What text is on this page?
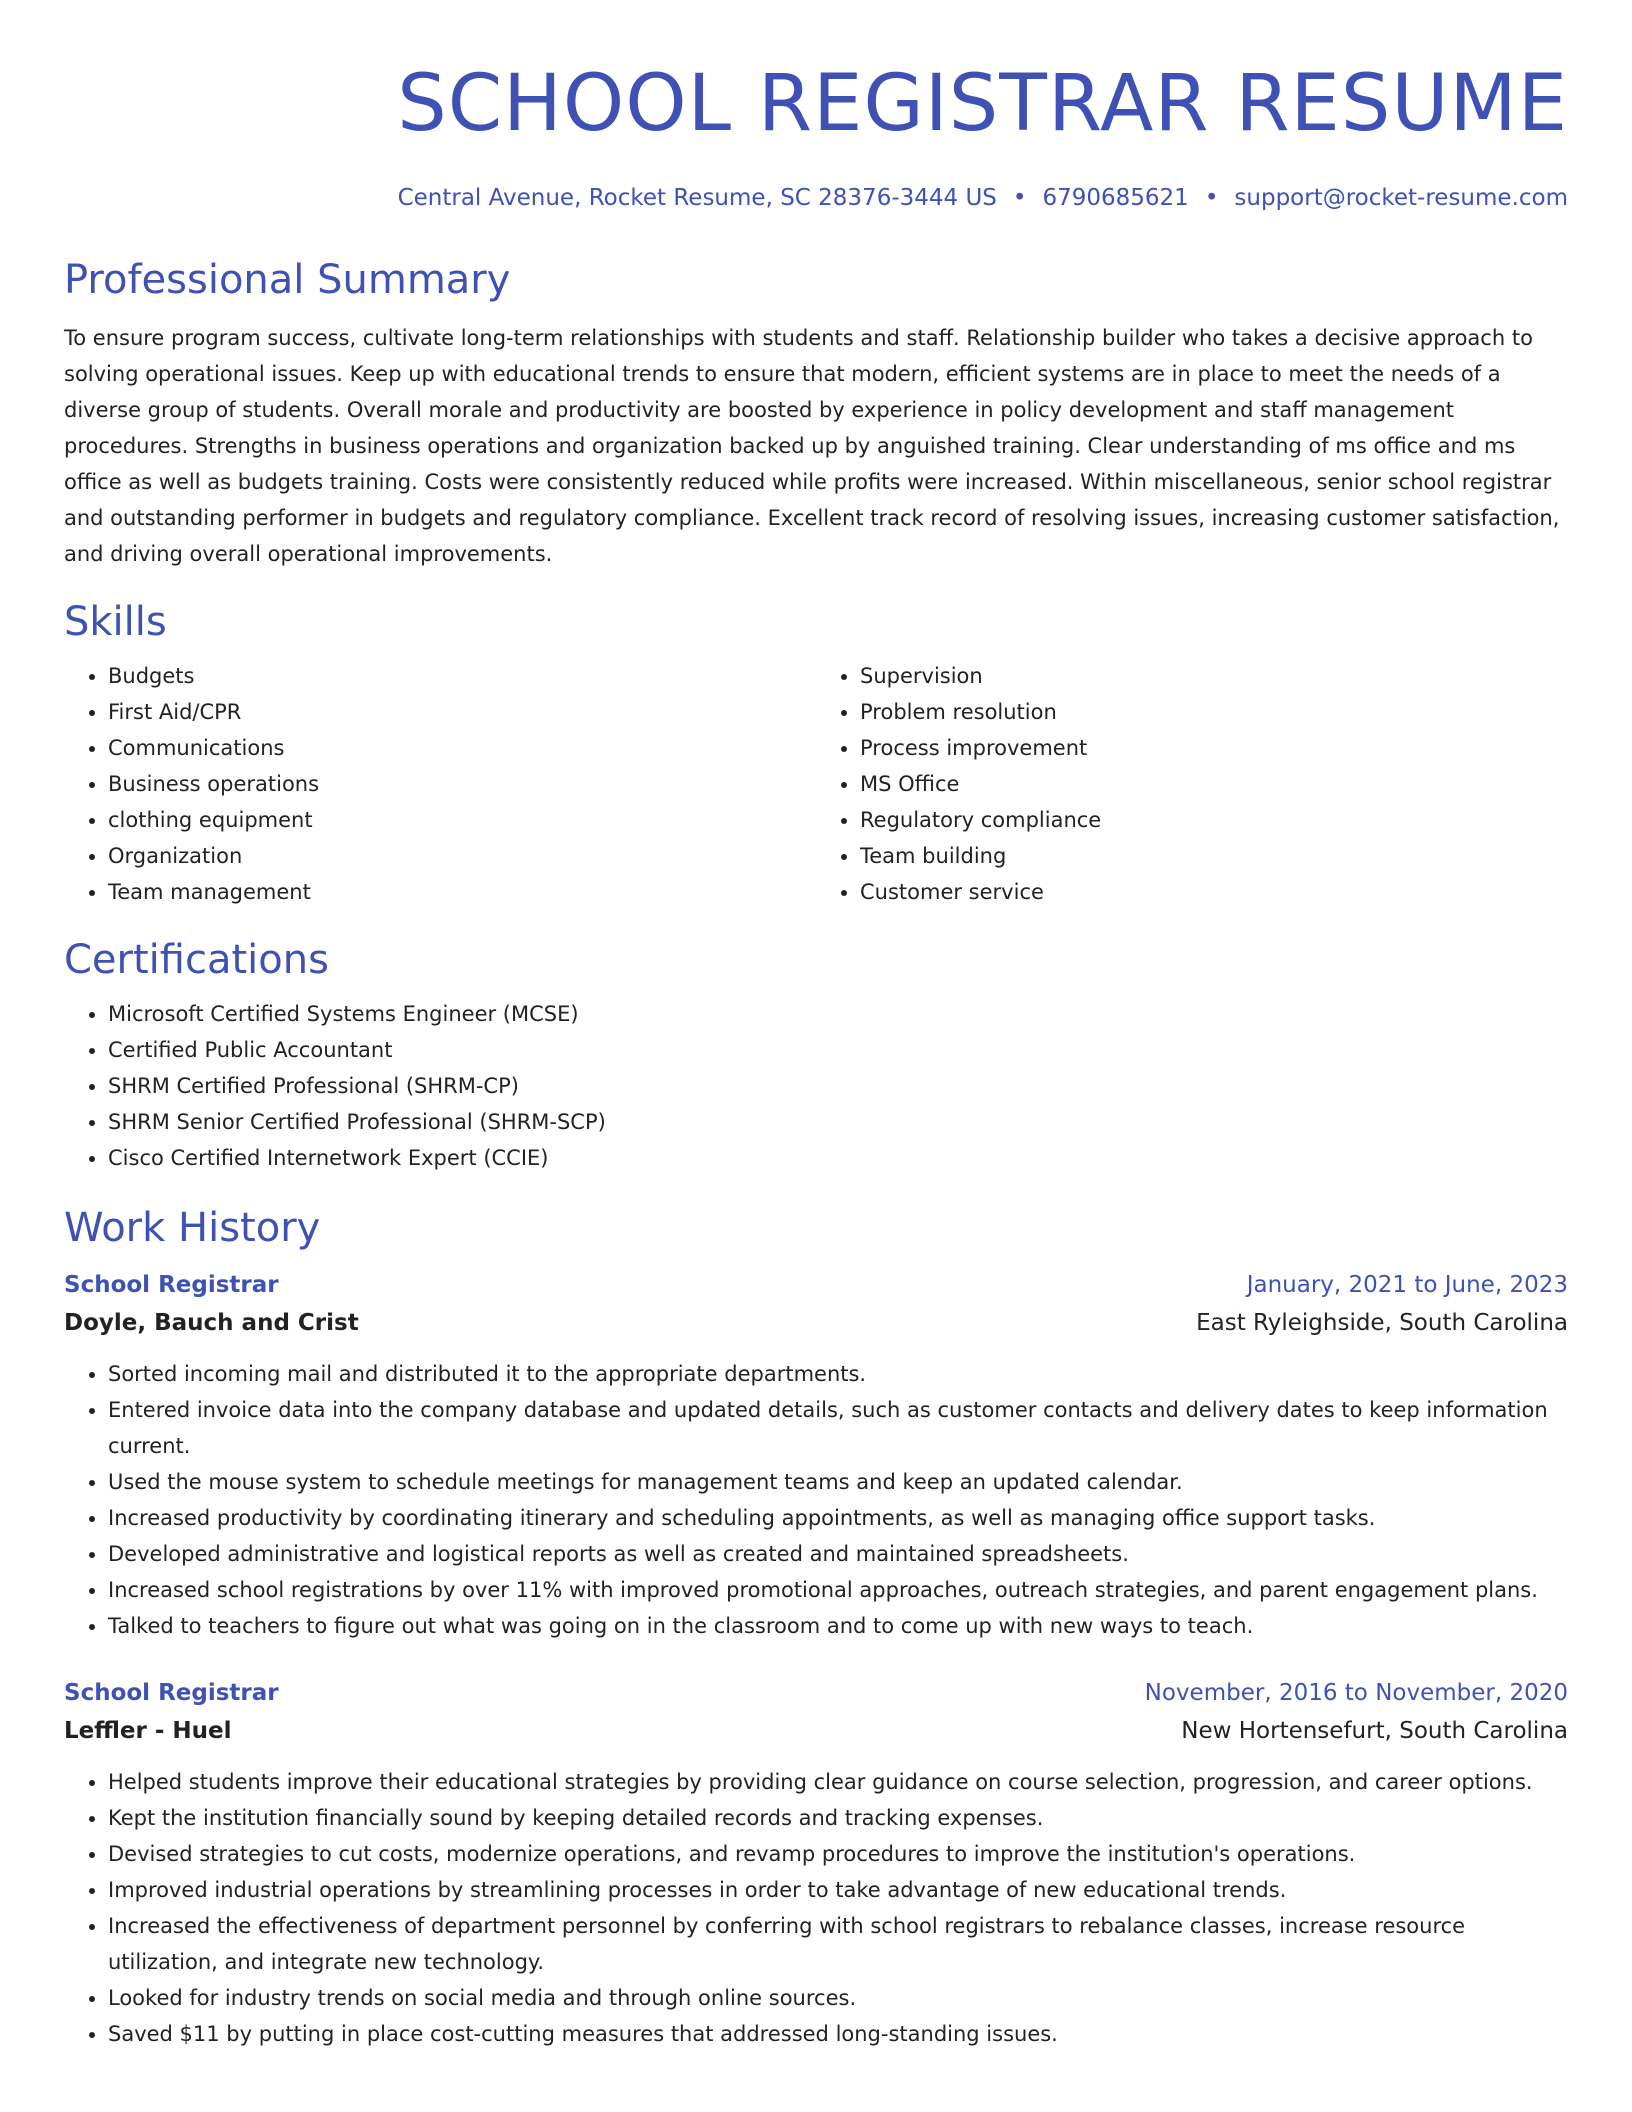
SCHOOL REGISTRAR RESUME
Central Avenue, Rocket Resume, SC 28376-3444 US • 6790685621 • support@rocket-resume.com
Professional Summary
To ensure program success, cultivate long-term relationships with students and staff. Relationship builder who takes a decisive approach to solving operational issues. Keep up with educational trends to ensure that modern, efficient systems are in place to meet the needs of a diverse group of students. Overall morale and productivity are boosted by experience in policy development and staff management procedures. Strengths in business operations and organization backed up by anguished training. Clear understanding of ms office and ms office as well as budgets training. Costs were consistently reduced while profits were increased. Within miscellaneous, senior school registrar and outstanding performer in budgets and regulatory compliance. Excellent track record of resolving issues, increasing customer satisfaction, and driving overall operational improvements.
Skills
• Budgets
• First Aid/CPR
• Communications
• Business operations
• clothing equipment
• Organization
• Team management
• Supervision
• Problem resolution
• Process improvement
• MS Office
• Regulatory compliance
• Team building
• Customer service
Certifications
• Microsoft Certified Systems Engineer (MCSE)
• Certified Public Accountant
• SHRM Certified Professional (SHRM-CP)
• SHRM Senior Certified Professional (SHRM-SCP)
• Cisco Certified Internetwork Expert (CCIE)
Work History
School Registrar	January, 2021 to June, 2023
Doyle, Bauch and Crist	East Ryleighside, South Carolina
• Sorted incoming mail and distributed it to the appropriate departments.
• Entered invoice data into the company database and updated details, such as customer contacts and delivery dates to keep information current.
• Used the mouse system to schedule meetings for management teams and keep an updated calendar.
• Increased productivity by coordinating itinerary and scheduling appointments, as well as managing office support tasks.
• Developed administrative and logistical reports as well as created and maintained spreadsheets.
• Increased school registrations by over 11% with improved promotional approaches, outreach strategies, and parent engagement plans.
• Talked to teachers to figure out what was going on in the classroom and to come up with new ways to teach.
School Registrar	November, 2016 to November, 2020
Leffler - Huel	New Hortensefurt, South Carolina
• Helped students improve their educational strategies by providing clear guidance on course selection, progression, and career options.
• Kept the institution financially sound by keeping detailed records and tracking expenses.
• Devised strategies to cut costs, modernize operations, and revamp procedures to improve the institution's operations.
• Improved industrial operations by streamlining processes in order to take advantage of new educational trends.
• Increased the effectiveness of department personnel by conferring with school registrars to rebalance classes, increase resource utilization, and integrate new technology.
• Looked for industry trends on social media and through online sources.
• Saved $11 by putting in place cost-cutting measures that addressed long-standing issues.
